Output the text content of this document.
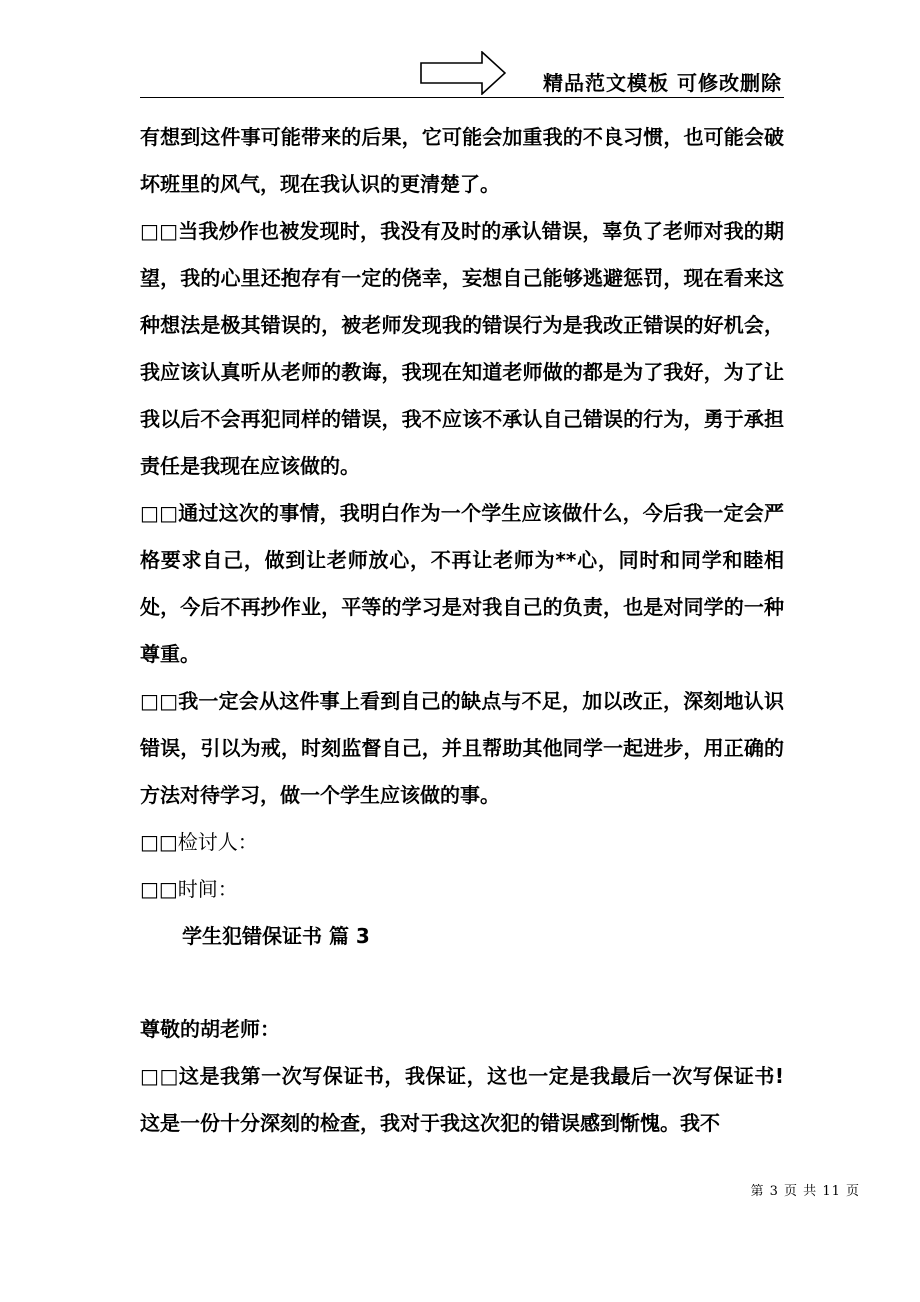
精品范文模板 可修改删除

有想到这件事可能带来的后果，它可能会加重我的不良习惯，也可能会破坏班里的风气，现在我认识的更清楚了。

□□当我炒作也被发现时，我没有及时的承认错误，辜负了老师对我的期望，我的心里还抱存有一定的侥幸，妄想自己能够逃避惩罚，现在看来这种想法是极其错误的，被老师发现我的错误行为是我改正错误的好机会，我应该认真听从老师的教诲，我现在知道老师做的都是为了我好，为了让我以后不会再犯同样的错误，我不应该不承认自己错误的行为，勇于承担责任是我现在应该做的。

□□通过这次的事情，我明白作为一个学生应该做什么，今后我一定会严格要求自己，做到让老师放心，不再让老师为**心，同时和同学和睦相处，今后不再抄作业，平等的学习是对我自己的负责，也是对同学的一种尊重。

□□我一定会从这件事上看到自己的缺点与不足，加以改正，深刻地认识错误，引以为戒，时刻监督自己，并且帮助其他同学一起进步，用正确的方法对待学习，做一个学生应该做的事。

□□检讨人：

□□时间：

学生犯错保证书 篇 3

尊敬的胡老师：

□□这是我第一次写保证书，我保证，这也一定是我最后一次写保证书!这是一份十分深刻的检查，我对于我这次犯的错误感到惭愧。我不

第 3 页 共 11 页
